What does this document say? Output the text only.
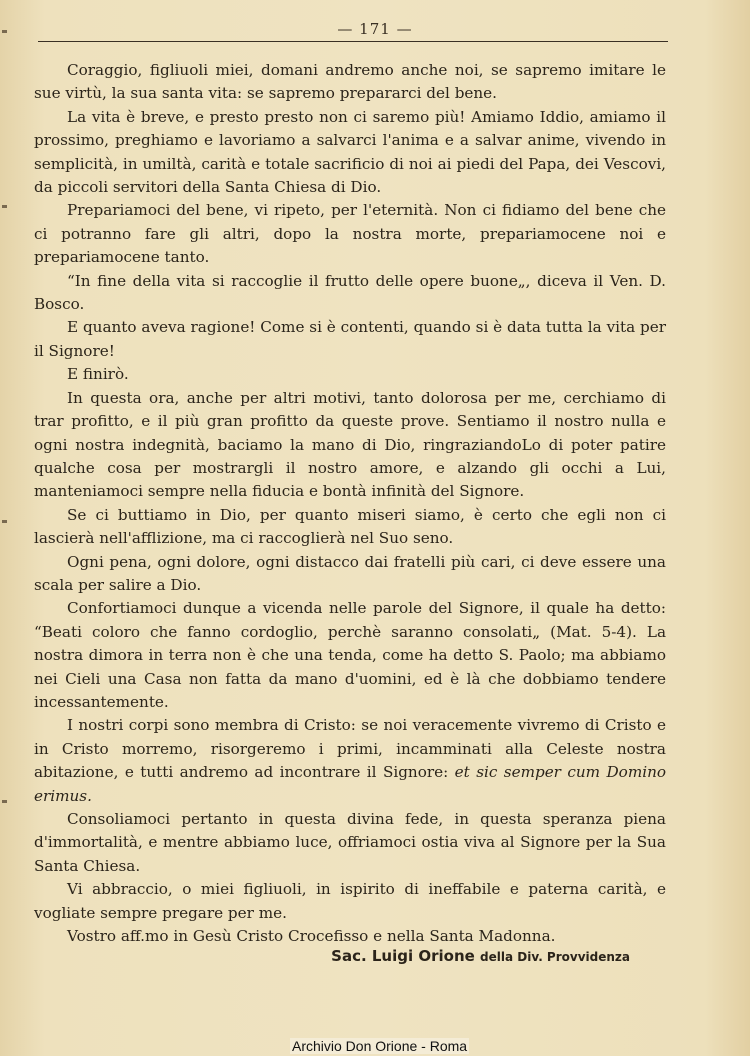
— 171 —

Coraggio, figliuoli miei, domani andremo anche noi, se sapremo imitare le sue virtù, la sua santa vita: se sapremo prepararci del bene.

La vita è breve, e presto presto non ci saremo più! Amiamo Iddio, amiamo il prossimo, preghiamo e lavoriamo a salvarci l'anima e a salvar anime, vivendo in semplicità, in umiltà, carità e totale sacrificio di noi ai piedi del Papa, dei Vescovi, da piccoli servitori della Santa Chiesa di Dio.

Prepariamoci del bene, vi ripeto, per l'eternità. Non ci fidiamo del bene che ci potranno fare gli altri, dopo la nostra morte, prepariamocene noi e prepariamocene tanto.

“In fine della vita si raccoglie il frutto delle opere buone„, diceva il Ven. D. Bosco.

E quanto aveva ragione! Come si è contenti, quando si è data tutta la vita per il Signore!

E finirò.

In questa ora, anche per altri motivi, tanto dolorosa per me, cerchiamo di trar profitto, e il più gran profitto da queste prove. Sentiamo il nostro nulla e ogni nostra indegnità, baciamo la mano di Dio, ringraziandoLo di poter patire qualche cosa per mostrargli il nostro amore, e alzando gli occhi a Lui, manteniamoci sempre nella fiducia e bontà infinità del Signore.

Se ci buttiamo in Dio, per quanto miseri siamo, è certo che egli non ci lascierà nell'afflizione, ma ci raccoglierà nel Suo seno.

Ogni pena, ogni dolore, ogni distacco dai fratelli più cari, ci deve essere una scala per salire a Dio.

Confortiamoci dunque a vicenda nelle parole del Signore, il quale ha detto: “Beati coloro che fanno cordoglio, perchè saranno consolati„ (Mat. 5-4). La nostra dimora in terra non è che una tenda, come ha detto S. Paolo; ma abbiamo nei Cieli una Casa non fatta da mano d'uomini, ed è là che dobbiamo tendere incessantemente.

I nostri corpi sono membra di Cristo: se noi veracemente vivremo di Cristo e in Cristo morremo, risorgeremo i primi, incamminati alla Celeste nostra abitazione, e tutti andremo ad incontrare il Signore: et sic semper cum Domino erimus.

Consoliamoci pertanto in questa divina fede, in questa speranza piena d'immortalità, e mentre abbiamo luce, offriamoci ostia viva al Signore per la Sua Santa Chiesa.

Vi abbraccio, o miei figliuoli, in ispirito di ineffabile e paterna carità, e vogliate sempre pregare per me.

Vostro aff.mo in Gesù Cristo Crocefisso e nella Santa Madonna.

Sac. Luigi Orione della Div. Provvidenza
Archivio Don Orione - Roma
